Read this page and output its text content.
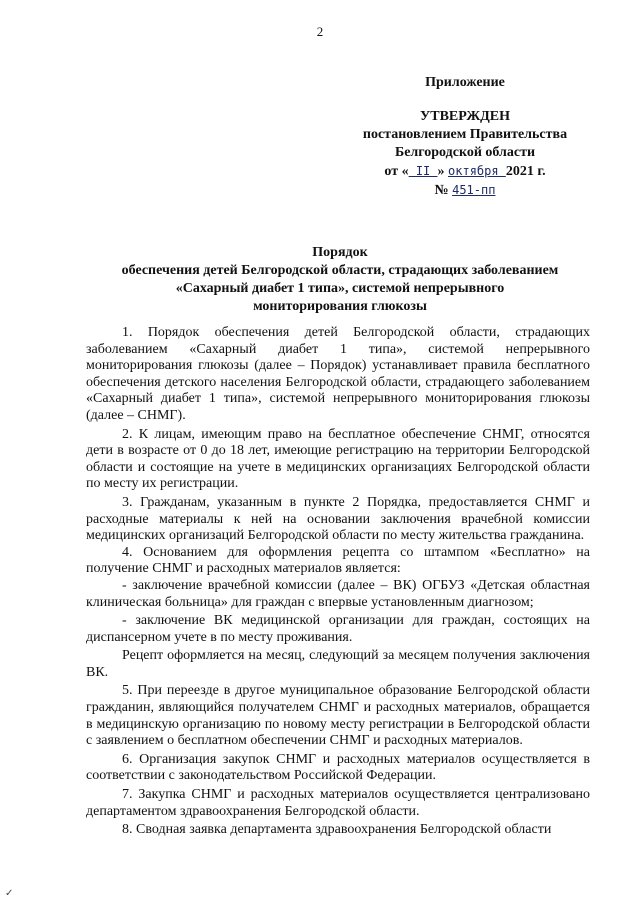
2
Приложение
УТВЕРЖДЕН
постановлением Правительства
Белгородской области
от « II » октября 2021 г.
№ 451-пп
Порядок
обеспечения детей Белгородской области, страдающих заболеванием
«Сахарный диабет 1 типа», системой непрерывного
мониторирования глюкозы

1. Порядок обеспечения детей Белгородской области, страдающих заболеванием «Сахарный диабет 1 типа», системой непрерывного мониторирования глюкозы (далее – Порядок) устанавливает правила бесплатного обеспечения детского населения Белгородской области, страдающего заболеванием «Сахарный диабет 1 типа», системой непрерывного мониторирования глюкозы (далее – СНМГ).

2. К лицам, имеющим право на бесплатное обеспечение СНМГ, относятся дети в возрасте от 0 до 18 лет, имеющие регистрацию на территории Белгородской области и состоящие на учете в медицинских организациях Белгородской области по месту их регистрации.

3. Гражданам, указанным в пункте 2 Порядка, предоставляется СНМГ и расходные материалы к ней на основании заключения врачебной комиссии медицинских организаций Белгородской области по месту жительства гражданина.

4. Основанием для оформления рецепта со штампом «Бесплатно» на получение СНМГ и расходных материалов является:

- заключение врачебной комиссии (далее – ВК) ОГБУЗ «Детская областная клиническая больница» для граждан с впервые установленным диагнозом;

- заключение ВК медицинской организации для граждан, состоящих на диспансерном учете в по месту проживания.

Рецепт оформляется на месяц, следующий за месяцем получения заключения ВК.

5. При переезде в другое муниципальное образование Белгородской области гражданин, являющийся получателем СНМГ и расходных материалов, обращается в медицинскую организацию по новому месту регистрации в Белгородской области с заявлением о бесплатном обеспечении СНМГ и расходных материалов.

6. Организация закупок СНМГ и расходных материалов осуществляется в соответствии с законодательством Российской Федерации.

7. Закупка СНМГ и расходных материалов осуществляется централизовано департаментом здравоохранения Белгородской области.

8. Сводная заявка департамента здравоохранения Белгородской области

✓
